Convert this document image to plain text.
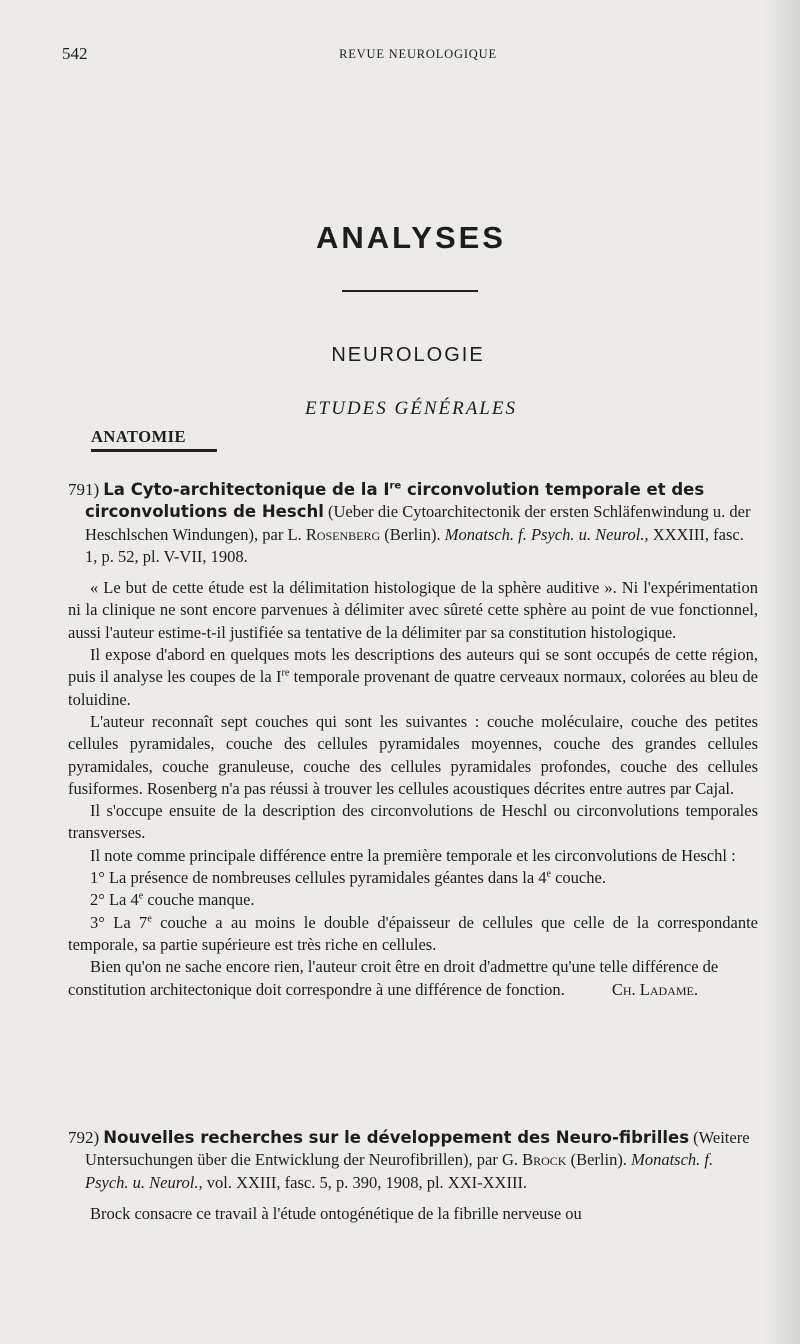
542	REVUE NEUROLOGIQUE
ANALYSES
NEUROLOGIE
ETUDES GÉNÉRALES
ANATOMIE
791) La Cyto-architectonique de la Ire circonvolution temporale et des circonvolutions de Heschl (Ueber die Cytoarchitectonik der ersten Schläfenwindung u. der Heschlschen Windungen), par L. Rosenberg (Berlin). Monatsch. f. Psych. u. Neurol., XXXIII, fasc. 1, p. 52, pl. V-VII, 1908.

« Le but de cette étude est la délimitation histologique de la sphère auditive ». Ni l'expérimentation ni la clinique ne sont encore parvenues à délimiter avec sûreté cette sphère au point de vue fonctionnel, aussi l'auteur estime-t-il justifiée sa tentative de la délimiter par sa constitution histologique.

Il expose d'abord en quelques mots les descriptions des auteurs qui se sont occupés de cette région, puis il analyse les coupes de la Ire temporale provenant de quatre cerveaux normaux, colorées au bleu de toluidine.

L'auteur reconnaît sept couches qui sont les suivantes : couche moléculaire, couche des petites cellules pyramidales, couche des cellules pyramidales moyennes, couche des grandes cellules pyramidales, couche granuleuse, couche des cellules pyramidales profondes, couche des cellules fusiformes. Rosenberg n'a pas réussi à trouver les cellules acoustiques décrites entre autres par Cajal.

Il s'occupe ensuite de la description des circonvolutions de Heschl ou circonvolutions temporales transverses.

Il note comme principale différence entre la première temporale et les circonvolutions de Heschl :

1° La présence de nombreuses cellules pyramidales géantes dans la 4e couche.

2° La 4e couche manque.

3° La 7e couche a au moins le double d'épaisseur de cellules que celle de la correspondante temporale, sa partie supérieure est très riche en cellules.

Bien qu'on ne sache encore rien, l'auteur croit être en droit d'admettre qu'une telle différence de constitution architectonique doit correspondre à une différence de fonction.	Ch. Ladame.

792) Nouvelles recherches sur le développement des Neuro-fibrilles (Weitere Untersuchungen über die Entwicklung der Neurofibrillen), par G. Brock (Berlin). Monatsch. f. Psych. u. Neurol., vol. XXIII, fasc. 5, p. 390, 1908, pl. XXI-XXIII.

Brock consacre ce travail à l'étude ontogénétique de la fibrille nerveuse ou
